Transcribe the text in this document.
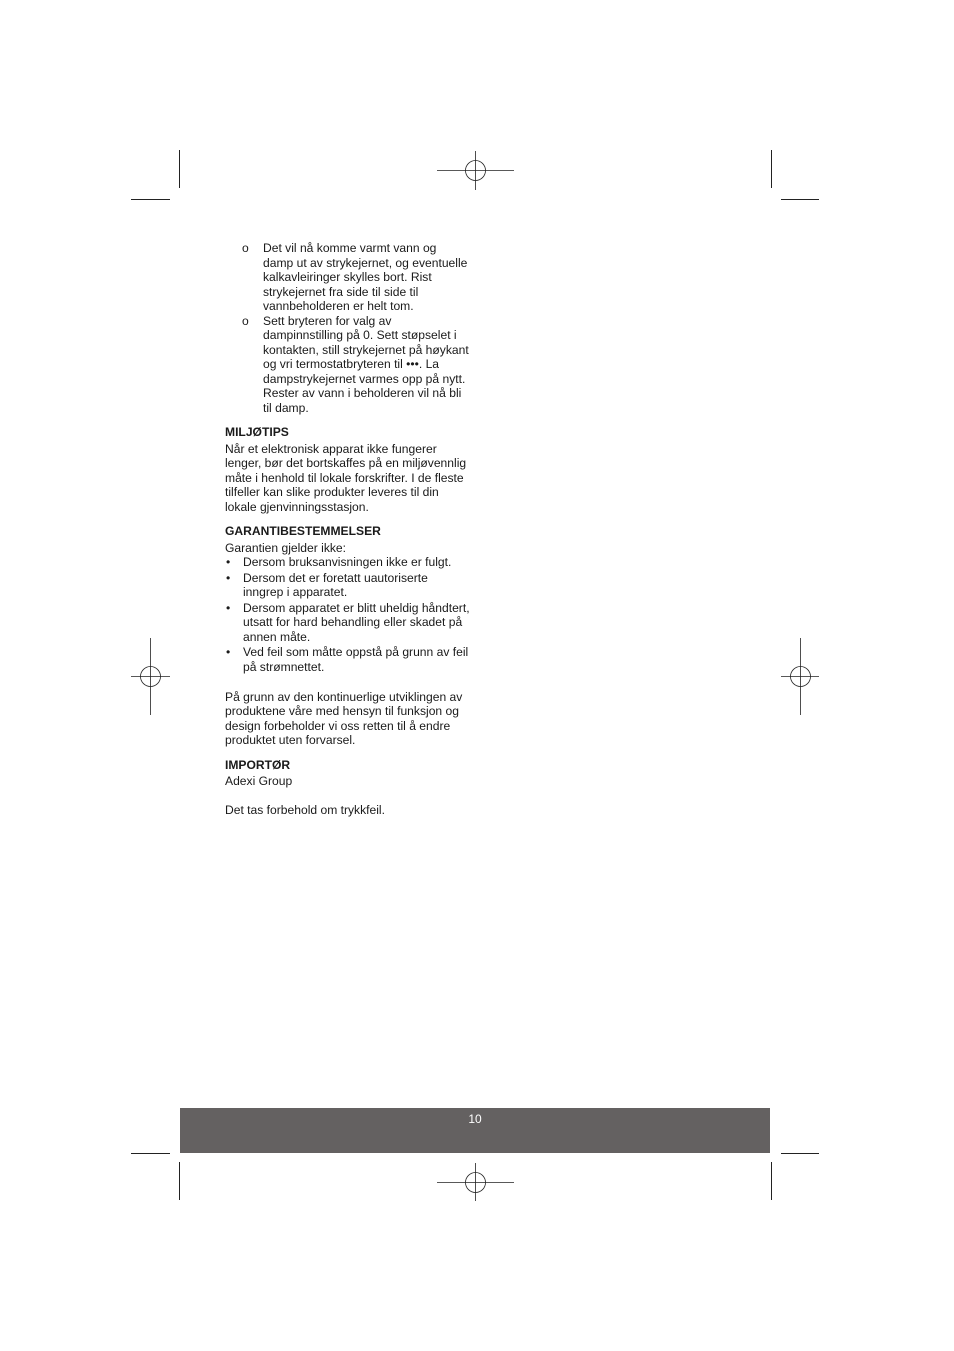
o Det vil nå komme varmt vann og damp ut av strykejernet, og eventuelle kalkavleiringer skylles bort. Rist strykejernet fra side til side til vannbeholderen er helt tom.
o Sett bryteren for valg av dampinnstilling på 0. Sett støpselet i kontakten, still strykejernet på høykant og vri termostatbryteren til •••. La dampstrykejernet varmes opp på nytt. Rester av vann i beholderen vil nå bli til damp.
MILJØTIPS

Når et elektronisk apparat ikke fungerer lenger, bør det bortskaffes på en miljøvennlig måte i henhold til lokale forskrifter. I de fleste tilfeller kan slike produkter leveres til din lokale gjenvinningsstasjon.

GARANTIBESTEMMELSER

Garantien gjelder ikke:

• Dersom bruksanvisningen ikke er fulgt.
• Dersom det er foretatt uautoriserte inngrep i apparatet.
• Dersom apparatet er blitt uheldig håndtert, utsatt for hard behandling eller skadet på annen måte.
• Ved feil som måtte oppstå på grunn av feil på strømnettet.

På grunn av den kontinuerlige utviklingen av produktene våre med hensyn til funksjon og design forbeholder vi oss retten til å endre produktet uten forvarsel.

IMPORTØR

Adexi Group

Det tas forbehold om trykkfeil.

10
